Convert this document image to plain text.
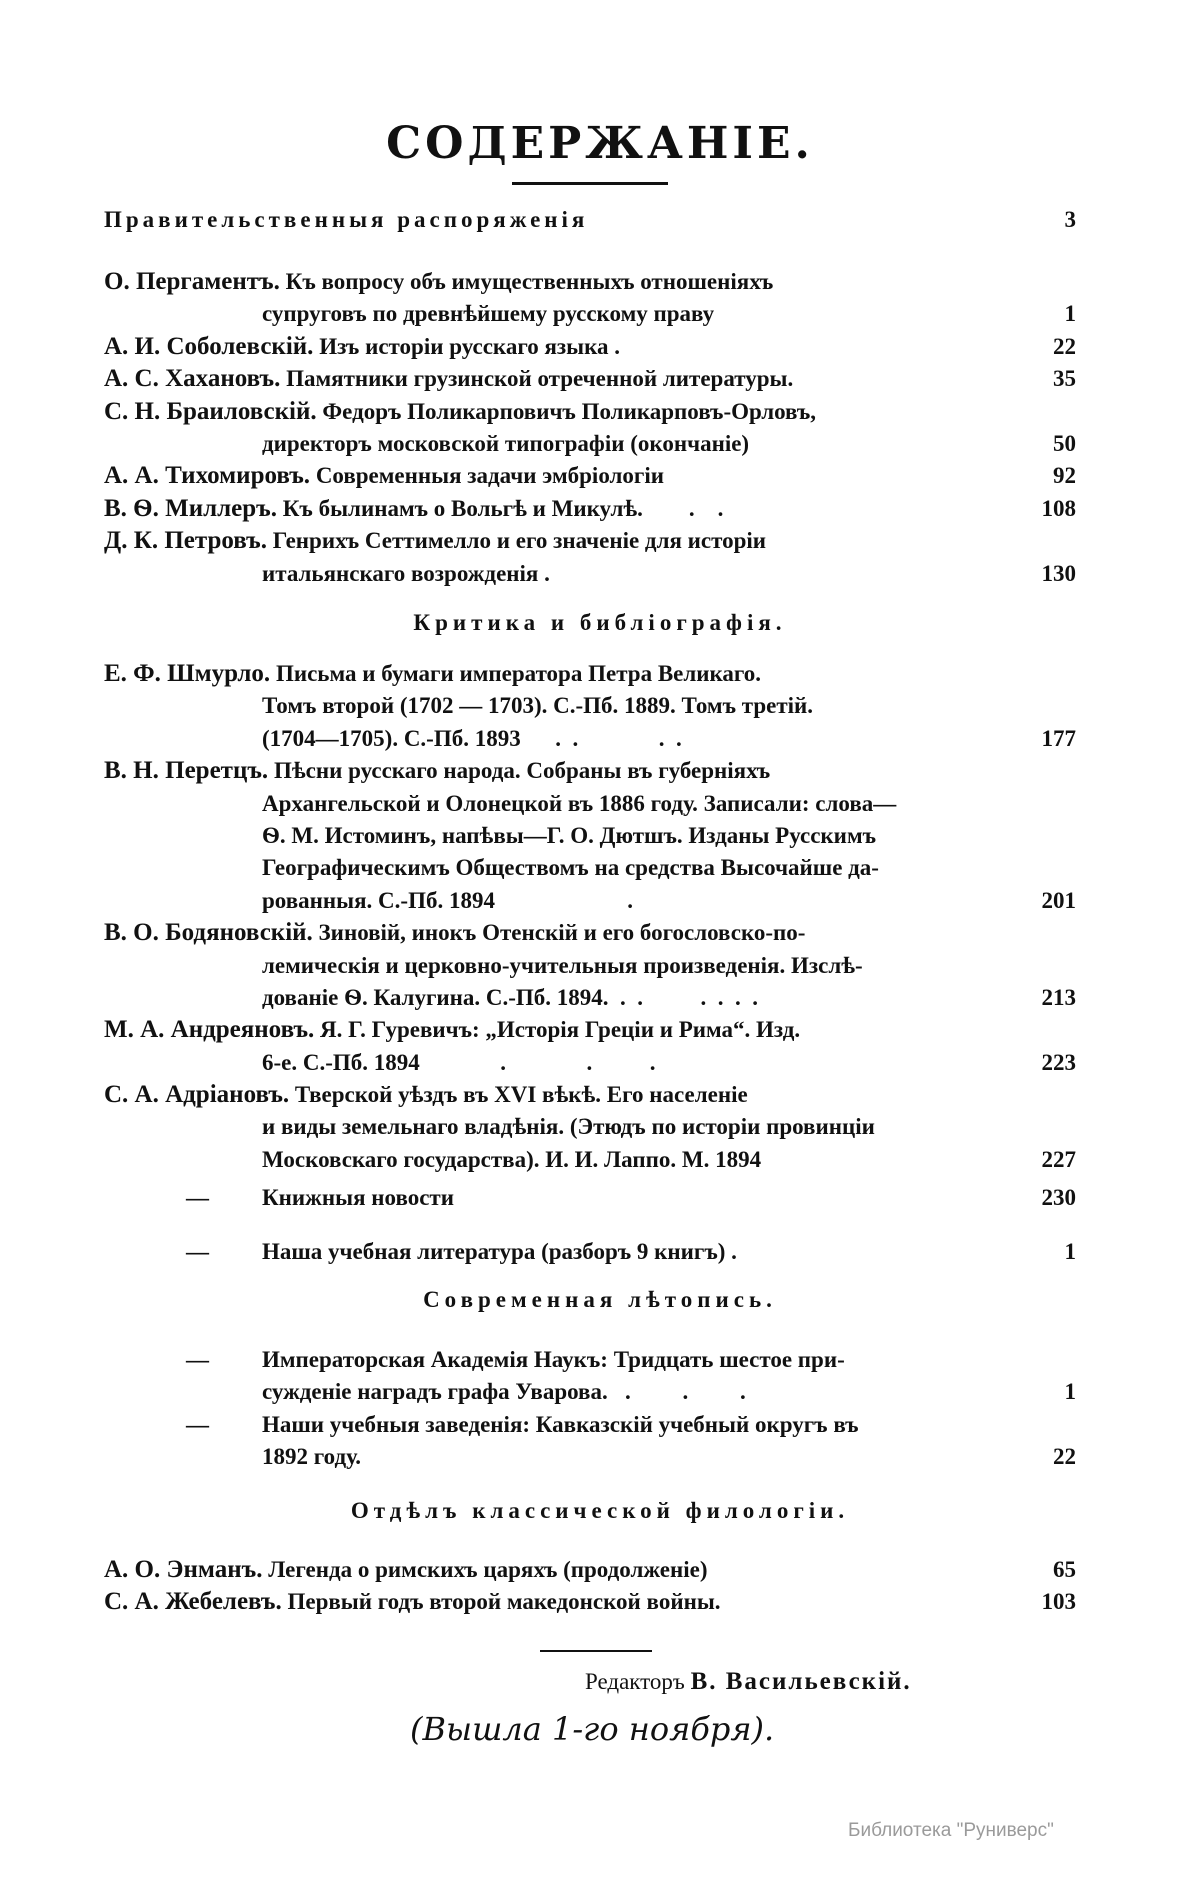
СОДЕРЖАНІЕ.
Правительственныя распоряженія	3
О. Пергаментъ. Къ вопросу объ имущественныхъ отношеніяхъ
супруговъ по древнѣйшему русскому праву	1
А. И. Соболевскій. Изъ исторіи русскаго языка .	22
А. С. Хахановъ. Памятники грузинской отреченной литературы.	35
С. Н. Браиловскій. Федоръ Поликарповичъ Поликарповъ-Орловъ,
директоръ московской типографіи (окончаніе)	50
А. А. Тихомировъ. Современныя задачи эмбріологіи	92
В. Ѳ. Миллеръ. Къ былинамъ о Вольгѣ и Микулѣ.        .    .	108
Д. К. Петровъ. Генрихъ Сеттимелло и его значеніе для исторіи
итальянскаго возрожденія .	130
Критика и библіографія.
Е. Ф. Шмурло. Письма и бумаги императора Петра Великаго.
Томъ второй (1702 — 1703). С.-Пб. 1889. Томъ третій.
(1704—1705). С.-Пб. 1893      .  .              .  .	177
В. Н. Перетцъ. Пѣсни русскаго народа. Собраны въ губерніяхъ
Архангельской и Олонецкой въ 1886 году. Записали: слова—
Ѳ. М. Истоминъ, напѣвы—Г. О. Дютшъ. Изданы Русскимъ
Географическимъ Обществомъ на средства Высочайше да-
рованныя. С.-Пб. 1894                       .	201
В. О. Бодяновскій. Зиновій, инокъ Отенскій и его богословско-по-
лемическія и церковно-учительныя произведенія. Изслѣ-
дованіе Ѳ. Калугина. С.-Пб. 1894.  .  .          .  .  .  .	213
М. А. Андреяновъ. Я. Г. Гуревичъ: „Исторія Греціи и Рима“. Изд.
6-е. С.-Пб. 1894              .              .          .	223
С. А. Адріановъ. Тверской уѣздъ въ XVI вѣкѣ. Его населеніе
и виды земельнаго владѣнія. (Этюдъ по исторіи провинціи
Московскаго государства). И. И. Лаппо. М. 1894	227
— Книжныя новости	230
— Наша учебная литература (разборъ 9 книгъ) .	1
Современная лѣтопись.
— Императорская Академія Наукъ: Тридцать шестое при-
сужденіе наградъ графа Уварова.   .         .         .	1
— Наши учебныя заведенія: Кавказскій учебный округъ въ
1892 году.	22
Отдѣлъ классической филологіи.
А. О. Энманъ. Легенда о римскихъ царяхъ (продолженіе)	65
С. А. Жебелевъ. Первый годъ второй македонской войны.	103
Редакторъ В. Васильевскій.
(Вышла 1-го ноября).
Библиотека "Руниверс"
